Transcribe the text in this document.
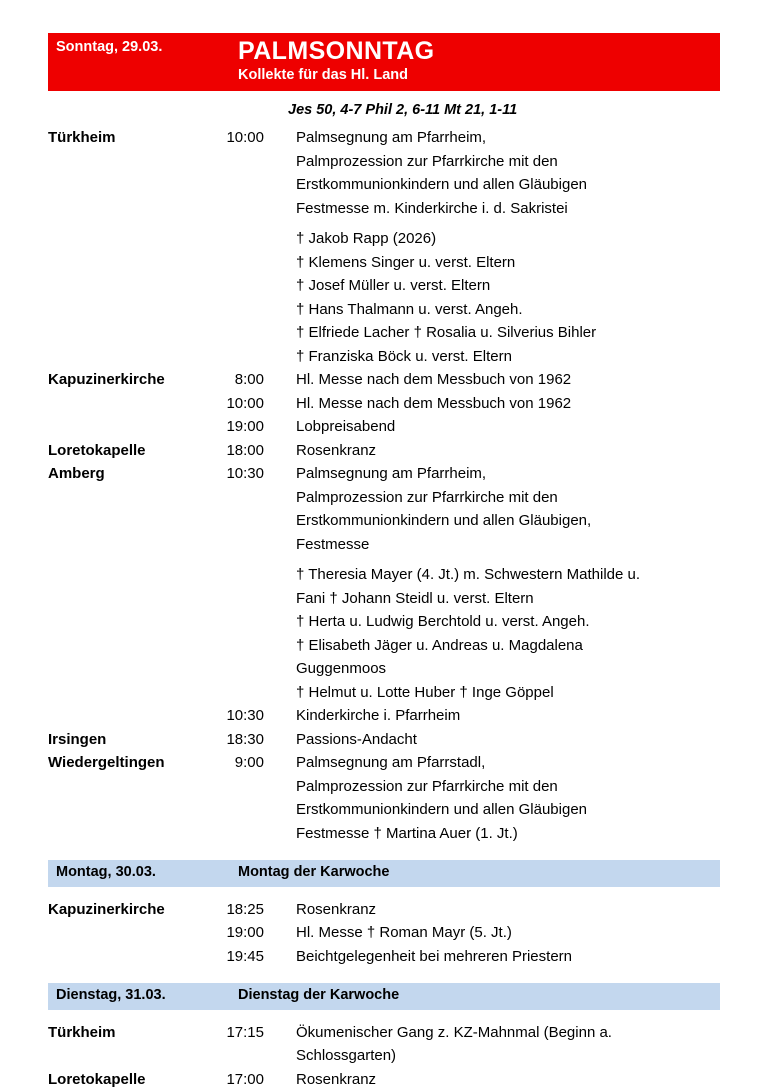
Sonntag, 29.03.	PALMSONNTAG
Kollekte für das Hl. Land
Jes 50, 4-7 Phil 2, 6-11 Mt 21, 1-11
Türkheim	10:00 Palmsegnung am Pfarrheim,
Palmprozession zur Pfarrkirche mit den
Erstkommunionkindern und allen Gläubigen
Festmesse m. Kinderkirche i. d. Sakristei
† Jakob Rapp (2026)
† Klemens Singer u. verst. Eltern
† Josef Müller u. verst. Eltern
† Hans Thalmann u. verst. Angeh.
† Elfriede Lacher † Rosalia u. Silverius Bihler
† Franziska Böck u. verst. Eltern
Kapuzinerkirche	8:00 Hl. Messe nach dem Messbuch von 1962
10:00 Hl. Messe nach dem Messbuch von 1962
19:00 Lobpreisabend
Loretokapelle	18:00 Rosenkranz
Amberg	10:30 Palmsegnung am Pfarrheim,
Palmprozession zur Pfarrkirche mit den
Erstkommunionkindern und allen Gläubigen,
Festmesse
† Theresia Mayer (4. Jt.) m. Schwestern Mathilde u.
Fani † Johann Steidl u. verst. Eltern
† Herta u. Ludwig Berchtold u. verst. Angeh.
† Elisabeth Jäger u. Andreas u. Magdalena
Guggenmoos
† Helmut u. Lotte Huber † Inge Göppel
10:30 Kinderkirche i. Pfarrheim
Irsingen	18:30 Passions-Andacht
Wiedergeltingen	9:00 Palmsegnung am Pfarrstadl,
Palmprozession zur Pfarrkirche mit den
Erstkommunionkindern und allen Gläubigen
Festmesse † Martina Auer (1. Jt.)
Montag, 30.03.	Montag der Karwoche
Kapuzinerkirche	18:25 Rosenkranz
19:00 Hl. Messe † Roman Mayr (5. Jt.)
19:45 Beichtgelegenheit bei mehreren Priestern
Dienstag, 31.03.	Dienstag der Karwoche
Türkheim	17:15 Ökumenischer Gang z. KZ-Mahnmal (Beginn a.
Schlossgarten)
Loretokapelle	17:00 Rosenkranz
